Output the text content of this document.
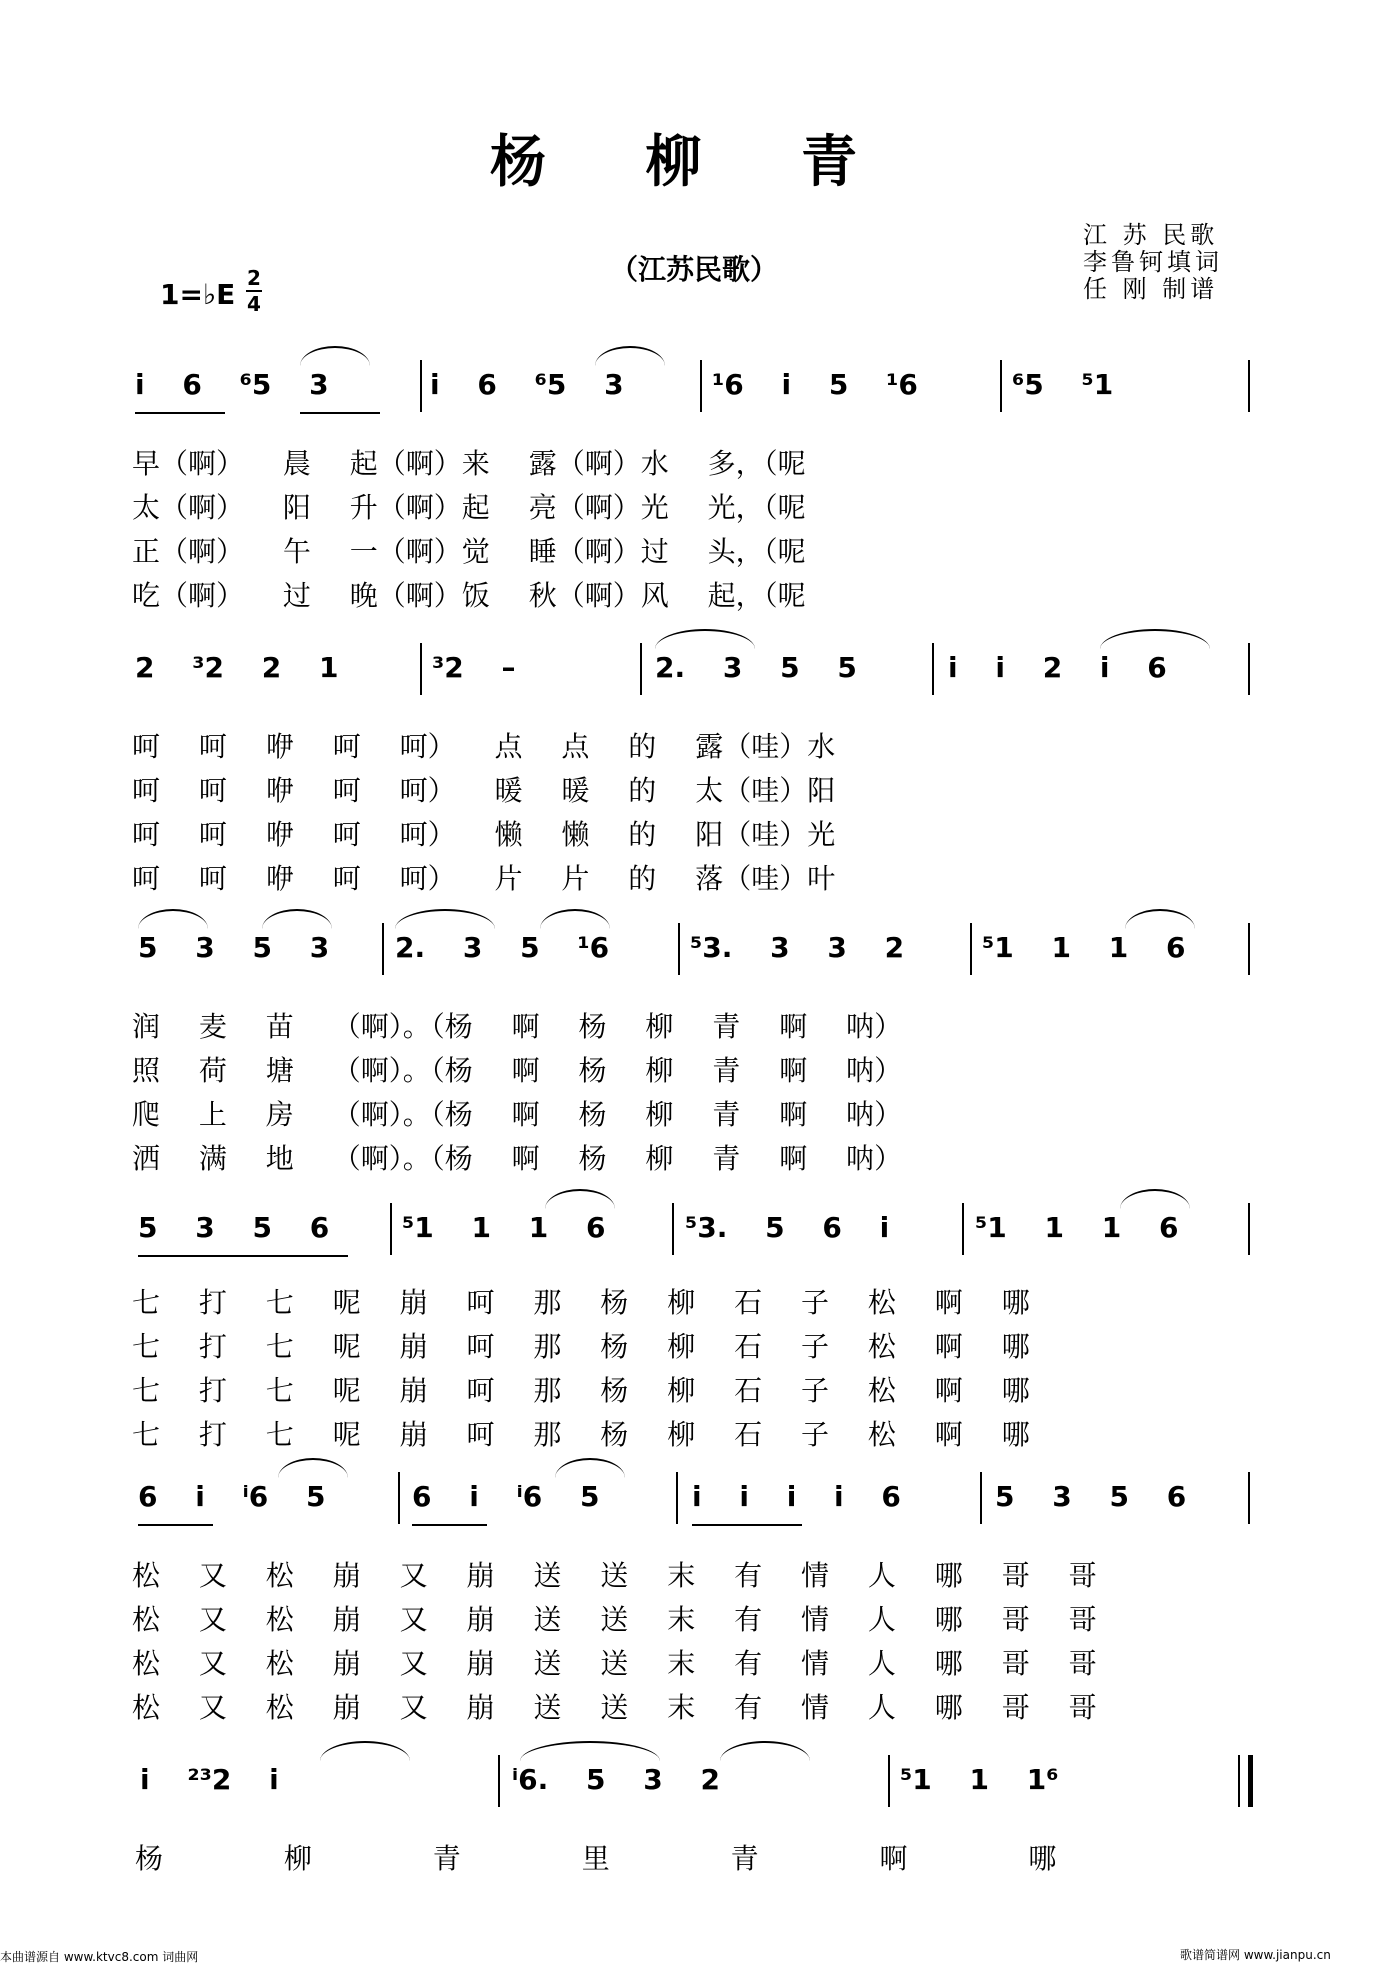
杨 柳 青
（江苏民歌）
江 苏 民歌
李鲁钶填词
任 刚 制谱
1=♭E 2
4
i 6 ⁶5 3	i 6 ⁶5 3	¹6 i 5 ¹6	⁶5 ⁵1
早（啊） 晨 起（啊）来 露（啊）水 多，（呢
太（啊） 阳 升（啊）起 亮（啊）光 光，（呢
正（啊） 午 一（啊）觉 睡（啊）过 头，（呢
吃（啊） 过 晚（啊）饭 秋（啊）风 起，（呢
2 ³2 2 1	³2 –	2. 3 5 5	i i 2 i 6
呵 呵 咿 呵 呵） 点 点 的 露（哇）水
呵 呵 咿 呵 呵） 暖 暖 的 太（哇）阳
呵 呵 咿 呵 呵） 懒 懒 的 阳（哇）光
呵 呵 咿 呵 呵） 片 片 的 落（哇）叶
5 3 5 3 2. 3 5 ¹6	⁵3. 3 3 2	⁵1 1 1 6
润 麦 苗 （啊）。（杨 啊 杨 柳 青 啊 呐）
照 荷 塘 （啊）。（杨 啊 杨 柳 青 啊 呐）
爬 上 房 （啊）。（杨 啊 杨 柳 青 啊 呐）
洒 满 地 （啊）。（杨 啊 杨 柳 青 啊 呐）
5 3 5 6	⁵1 1 1 6	⁵3. 5 6 i	⁵1 1 1 6
七 打 七 呢 崩 呵 那 杨 柳 石 子 松 啊 哪
七 打 七 呢 崩 呵 那 杨 柳 石 子 松 啊 哪
七 打 七 呢 崩 呵 那 杨 柳 石 子 松 啊 哪
七 打 七 呢 崩 呵 那 杨 柳 石 子 松 啊 哪
6 i ⁱ6 5	6 i ⁱ6 5	i i i i 6	5 3 5 6
松 又 松 崩 又 崩 送 送 末 有 情 人 哪 哥 哥
松 又 松 崩 又 崩 送 送 末 有 情 人 哪 哥 哥
松 又 松 崩 又 崩 送 送 末 有 情 人 哪 哥 哥
松 又 松 崩 又 崩 送 送 末 有 情 人 哪 哥 哥
i ²³2 i	ⁱ6. 5 3 2	⁵1 1 1⁶
杨 柳 青 里 青 啊 哪
本曲谱源自 www.ktvc8.com 词曲网	歌谱简谱网 www.jianpu.cn
